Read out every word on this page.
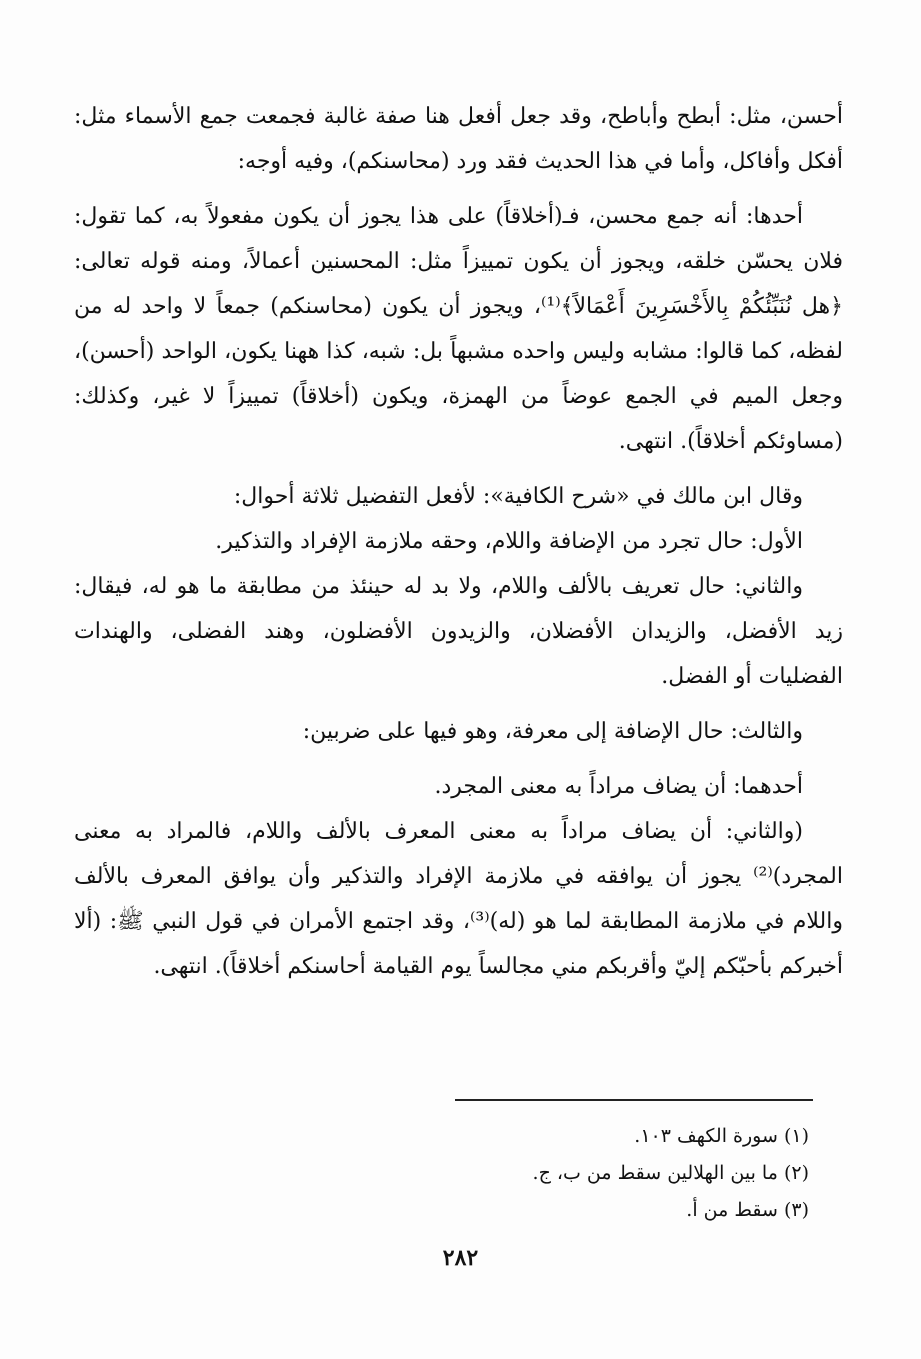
أحسن، مثل: أبطح وأباطح، وقد جعل أفعل هنا صفة غالبة فجمعت جمع الأسماء مثل: أفكل وأفاكل، وأما في هذا الحديث فقد ورد (محاسنكم)، وفيه أوجه:

أحدها: أنه جمع محسن، فـ(أخلاقاً) على هذا يجوز أن يكون مفعولاً به، كما تقول: فلان يحسّن خلقه، ويجوز أن يكون تمييزاً مثل: المحسنين أعمالاً، ومنه قوله تعالى: ﴿هل نُنَبِّئُكُمْ بِالأَخْسَرِينَ أَعْمَالاً﴾⁽¹⁾، ويجوز أن يكون (محاسنكم) جمعاً لا واحد له من لفظه، كما قالوا: مشابه وليس واحده مشبهاً بل: شبه، كذا ههنا يكون، الواحد (أحسن)، وجعل الميم في الجمع عوضاً من الهمزة، ويكون (أخلاقاً) تمييزاً لا غير، وكذلك: (مساوئكم أخلاقاً). انتهى.

وقال ابن مالك في «شرح الكافية»: لأفعل التفضيل ثلاثة أحوال:

الأول: حال تجرد من الإضافة واللام، وحقه ملازمة الإفراد والتذكير.

والثاني: حال تعريف بالألف واللام، ولا بد له حينئذ من مطابقة ما هو له، فيقال: زيد الأفضل، والزيدان الأفضلان، والزيدون الأفضلون، وهند الفضلى، والهندات الفضليات أو الفضل.

والثالث: حال الإضافة إلى معرفة، وهو فيها على ضربين:

أحدهما: أن يضاف مراداً به معنى المجرد.

(والثاني: أن يضاف مراداً به معنى المعرف بالألف واللام، فالمراد به معنى المجرد)⁽²⁾ يجوز أن يوافقه في ملازمة الإفراد والتذكير وأن يوافق المعرف بالألف واللام في ملازمة المطابقة لما هو (له)⁽³⁾، وقد اجتمع الأمران في قول النبي ﷺ: (ألا أخبركم بأحبّكم إليّ وأقربكم مني مجالساً يوم القيامة أحاسنكم أخلاقاً). انتهى.

(١) سورة الكهف ١٠٣.

(٢) ما بين الهلالين سقط من ب، ج.

(٣) سقط من أ.

٢٨٢
